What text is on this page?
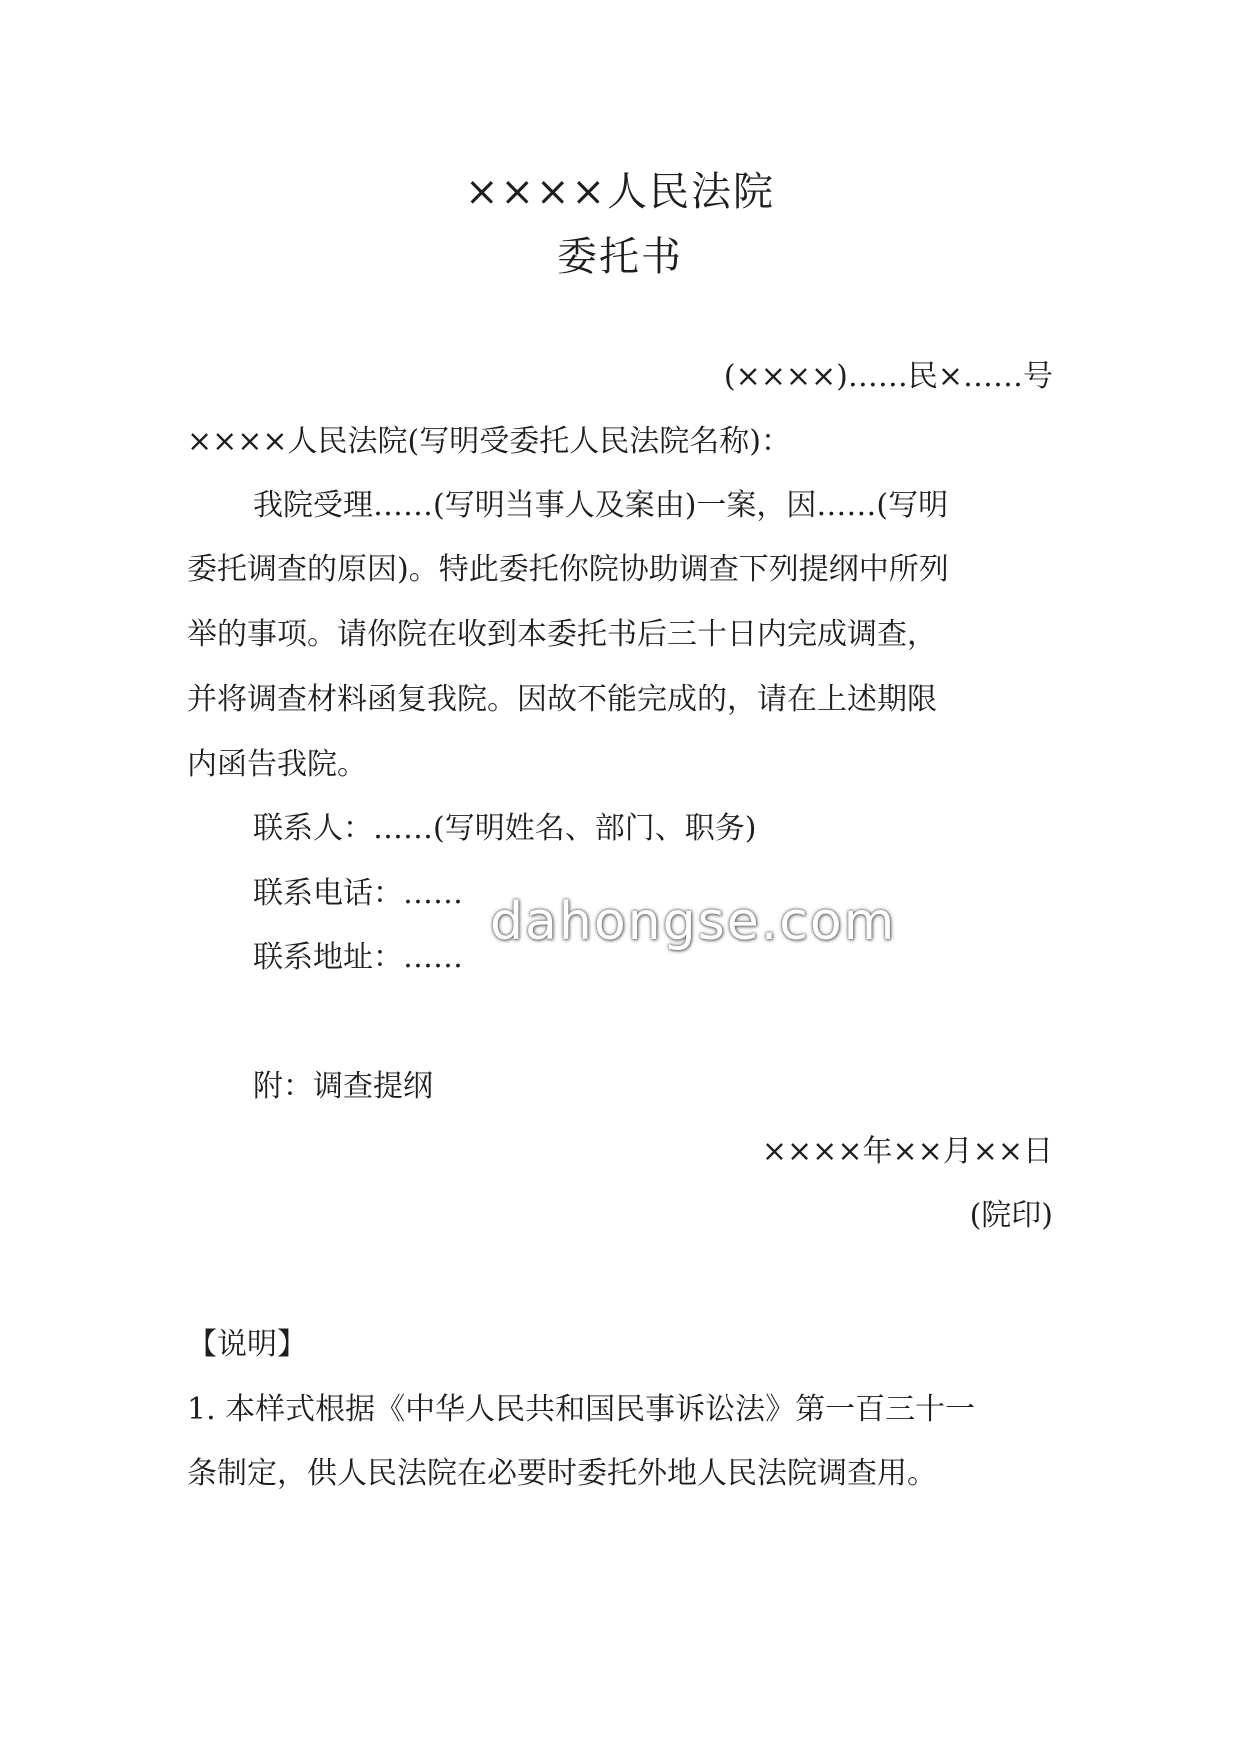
××××人民法院

委托书

(××××)……民×……号

××××人民法院(写明受委托人民法院名称)：

我院受理……(写明当事人及案由)一案，因……(写明

委托调查的原因)。特此委托你院协助调查下列提纲中所列

举的事项。请你院在收到本委托书后三十日内完成调查，

并将调查材料函复我院。因故不能完成的，请在上述期限

内函告我院。

联系人：……(写明姓名、部门、职务)

联系电话：……

联系地址：……

附：调查提纲

××××年××月××日

(院印)

【说明】

1. 本样式根据《中华人民共和国民事诉讼法》第一百三十一

条制定，供人民法院在必要时委托外地人民法院调查用。

dahongse.com
